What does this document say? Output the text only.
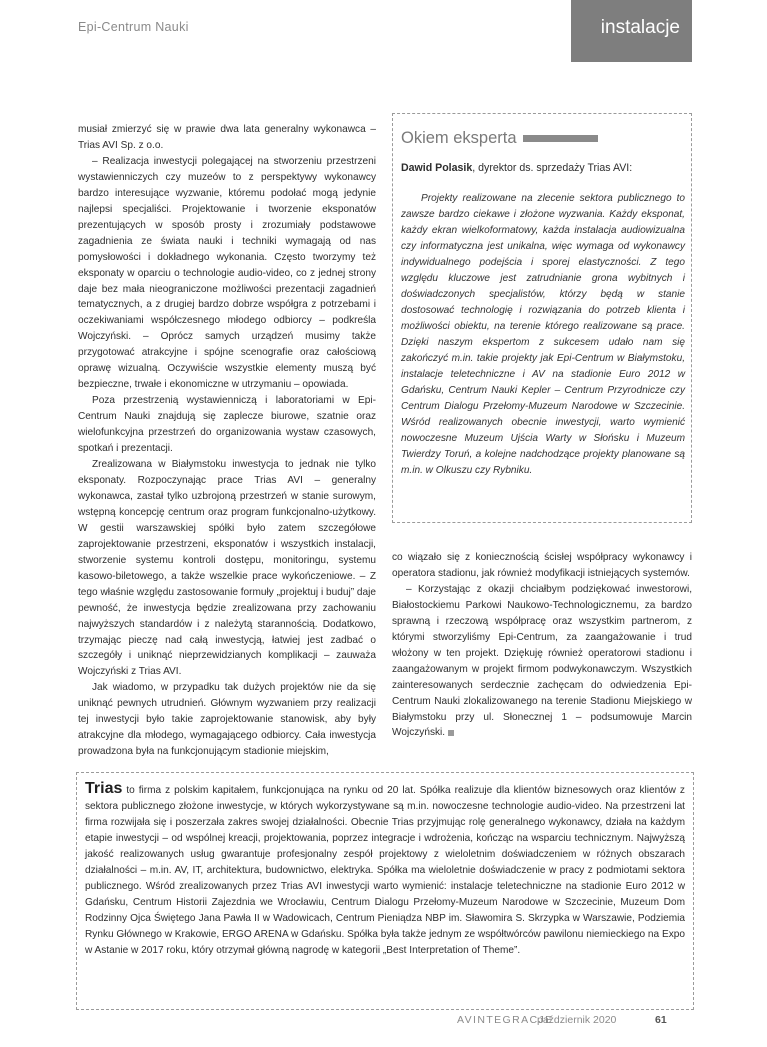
Epi-Centrum Nauki	instalacje

musiał zmierzyć się w prawie dwa lata generalny wykonawca – Trias AVI Sp. z o.o.

– Realizacja inwestycji polegającej na stworzeniu przestrzeni wystawienniczych czy muzeów to z perspektywy wykonawcy bardzo interesujące wyzwanie, któremu podołać mogą jedynie najlepsi specjaliści. Projektowanie i tworzenie eksponatów prezentujących w sposób prosty i zrozumiały podstawowe zagadnienia ze świata nauki i techniki wymagają od nas pomysłowości i dokładnego wykonania. Często tworzymy też eksponaty w oparciu o technologie audio-video, co z jednej strony daje bez mała nieograniczone możliwości prezentacji zagadnień tematycznych, a z drugiej bardzo dobrze współgra z potrzebami i oczekiwaniami współczesnego młodego odbiorcy – podkreśla Wojczyński. – Oprócz samych urządzeń musimy także przygotować atrakcyjne i spójne scenografie oraz całościową oprawę wizualną. Oczywiście wszystkie elementy muszą być bezpieczne, trwałe i ekonomiczne w utrzymaniu – opowiada.

Poza przestrzenią wystawienniczą i laboratoriami w Epi-Centrum Nauki znajdują się zaplecze biurowe, szatnie oraz wielofunkcyjna przestrzeń do organizowania wystaw czasowych, spotkań i prezentacji.

Zrealizowana w Białymstoku inwestycja to jednak nie tylko eksponaty. Rozpoczynając prace Trias AVI – generalny wykonawca, zastał tylko uzbrojoną przestrzeń w stanie surowym, wstępną koncepcję centrum oraz program funkcjonalno-użytkowy. W gestii warszawskiej spółki było zatem szczegółowe zaprojektowanie przestrzeni, eksponatów i wszystkich instalacji, stworzenie systemu kontroli dostępu, monitoringu, systemu kasowo-biletowego, a także wszelkie prace wykończeniowe. – Z tego właśnie względu zastosowanie formuły „projektuj i buduj” daje pewność, że inwestycja będzie zrealizowana przy zachowaniu najwyższych standardów i z należytą starannością. Dodatkowo, trzymając pieczę nad całą inwestycją, łatwiej jest zadbać o szczegóły i uniknąć nieprzewidzianych komplikacji – zauważa Wojczyński z Trias AVI.

Jak wiadomo, w przypadku tak dużych projektów nie da się uniknąć pewnych utrudnień. Głównym wyzwaniem przy realizacji tej inwestycji było takie zaprojektowanie stanowisk, aby były atrakcyjne dla młodego, wymagającego odbiorcy. Cała inwestycja prowadzona była na funkcjonującym stadionie miejskim,

Okiem eksperta
Dawid Polasik, dyrektor ds. sprzedaży Trias AVI:
Projekty realizowane na zlecenie sektora publicznego to zawsze bardzo ciekawe i złożone wyzwania. Każdy eksponat, każdy ekran wielkoformatowy, każda instalacja audiowizualna czy informatyczna jest unikalna, więc wymaga od wykonawcy indywidualnego podejścia i sporej elastyczności. Z tego względu kluczowe jest zatrudnianie grona wybitnych i doświadczonych specjalistów, którzy będą w stanie dostosować technologię i rozwiązania do potrzeb klienta i możliwości obiektu, na terenie którego realizowane są prace. Dzięki naszym ekspertom z sukcesem udało nam się zakończyć m.in. takie projekty jak Epi-Centrum w Białymstoku, instalacje teletechniczne i AV na stadionie Euro 2012 w Gdańsku, Centrum Nauki Kepler – Centrum Przyrodnicze czy Centrum Dialogu Przełomy-Muzeum Narodowe w Szczecinie. Wśród realizowanych obecnie inwestycji, warto wymienić nowoczesne Muzeum Ujścia Warty w Słońsku i Muzeum Twierdzy Toruń, a kolejne nadchodzące projekty planowane są m.in. w Olkuszu czy Rybniku.

co wiązało się z koniecznością ścisłej współpracy wykonawcy i operatora stadionu, jak również modyfikacji istniejących systemów.

– Korzystając z okazji chciałbym podziękować inwestorowi, Białostockiemu Parkowi Naukowo-Technologicznemu, za bardzo sprawną i rzeczową współpracę oraz wszystkim partnerom, z którymi stworzyliśmy Epi-Centrum, za zaangażowanie i trud włożony w ten projekt. Dziękuję również operatorowi stadionu i zaangażowanym w projekt firmom podwykonawczym. Wszystkich zainteresowanych serdecznie zachęcam do odwiedzenia Epi-Centrum Nauki zlokalizowanego na terenie Stadionu Miejskiego w Białymstoku przy ul. Słonecznej 1 – podsumowuje Marcin Wojczyński.

Trias to firma z polskim kapitałem, funkcjonująca na rynku od 20 lat. Spółka realizuje dla klientów biznesowych oraz klientów z sektora publicznego złożone inwestycje, w których wykorzystywane są m.in. nowoczesne technologie audio-video. Na przestrzeni lat firma rozwijała się i poszerzała zakres swojej działalności. Obecnie Trias przyjmując rolę generalnego wykonawcy, działa na każdym etapie inwestycji – od wspólnej kreacji, projektowania, poprzez integracje i wdrożenia, kończąc na wsparciu technicznym. Najwyższą jakość realizowanych usług gwarantuje profesjonalny zespół projektowy z wieloletnim doświadczeniem w różnych obszarach działalności – m.in. AV, IT, architektura, budownictwo, elektryka. Spółka ma wieloletnie doświadczenie w pracy z podmiotami sektora publicznego. Wśród zrealizowanych przez Trias AVI inwestycji warto wymienić: instalacje teletechniczne na stadionie Euro 2012 w Gdańsku, Centrum Historii Zajezdnia we Wrocławiu, Centrum Dialogu Przełomy-Muzeum Narodowe w Szczecinie, Muzeum Dom Rodzinny Ojca Świętego Jana Pawła II w Wadowicach, Centrum Pieniądza NBP im. Sławomira S. Skrzypka w Warszawie, Podziemia Rynku Głównego w Krakowie, ERGO ARENA w Gdańsku. Spółka była także jednym ze współtwórców pawilonu niemieckiego na Expo w Astanie w 2017 roku, który otrzymał główną nagrodę w kategorii „Best Interpretation of Theme”.
AVINTEGRACJE
październik 2020	61
